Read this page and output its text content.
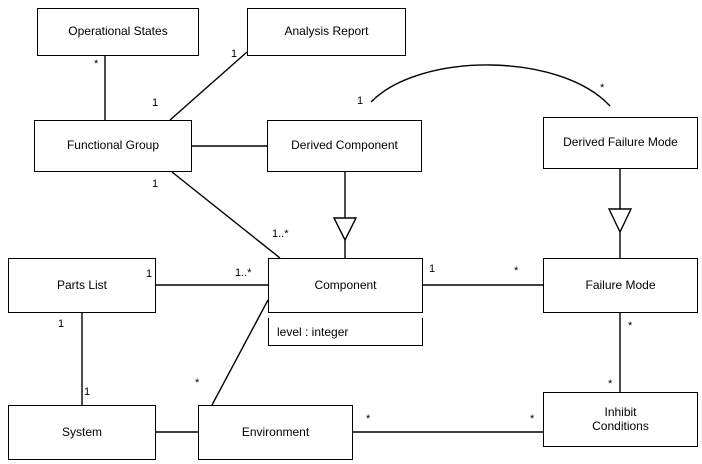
Operational States	Analysis Report
Functional Group	Derived Component	Derived Failure Mode
Parts List	Component
level : integer
Failure Mode
System	Environment
Inhibit
Conditions
*
1
1
1
*
1
1..*
1	1..*	1	*
1
1
*
*
*
*	*
